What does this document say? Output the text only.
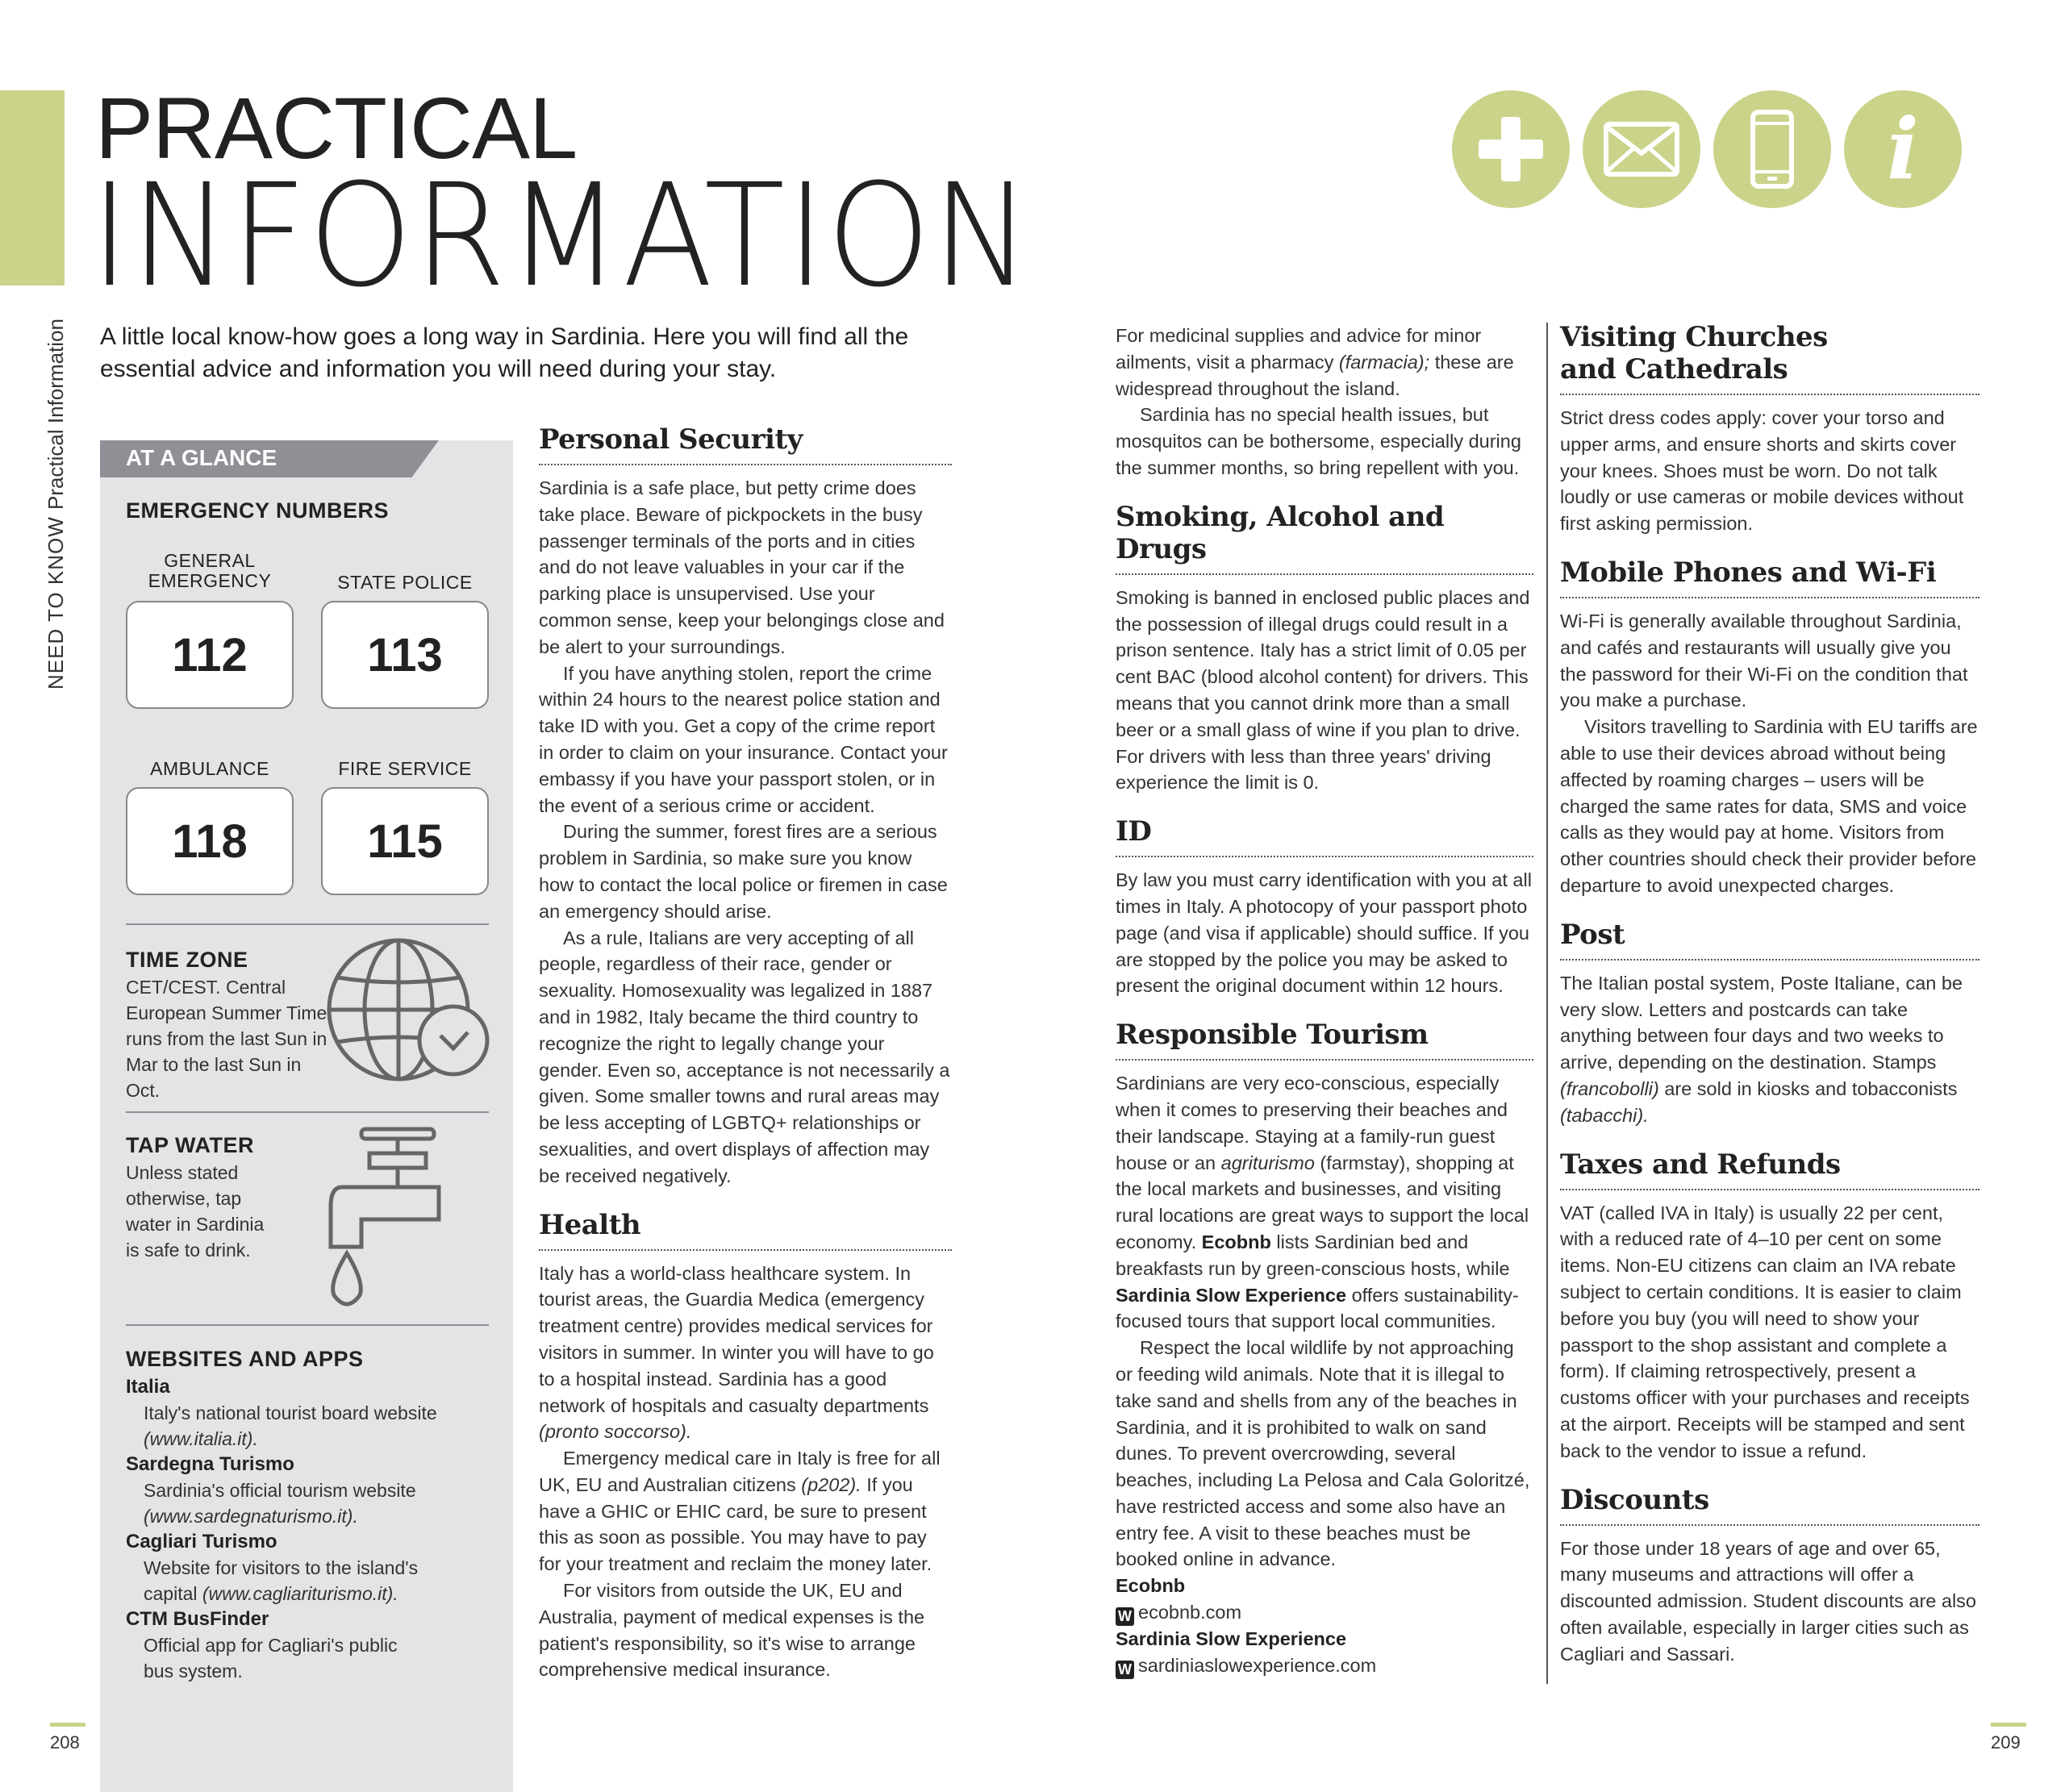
NEED TO KNOW Practical Information
PRACTICAL
INFORMATION
i
A little local know-how goes a long way in Sardinia. Here you will find all the essential advice and information you will need during your stay.
AT A GLANCE
EMERGENCY NUMBERS
GENERAL EMERGENCY	STATE POLICE
112	113
AMBULANCE	FIRE SERVICE
118	115
TIME ZONE
CET/CEST. Central European Summer Time runs from the last Sun in Mar to the last Sun in Oct.
TAP WATER
Unless stated otherwise, tap water in Sardinia is safe to drink.
WEBSITES AND APPS
Italia
Italy's national tourist board website
(www.italia.it).
Sardegna Turismo
Sardinia's official tourism website
(www.sardegnaturismo.it).
Cagliari Turismo
Website for visitors to the island's
capital (www.cagliariturismo.it).
CTM BusFinder
Official app for Cagliari's public
bus system.
Personal Security

Sardinia is a safe place, but petty crime does take place. Beware of pickpockets in the busy passenger terminals of the ports and in cities and do not leave valuables in your car if the parking place is unsupervised. Use your common sense, keep your belongings close and be alert to your surroundings.

If you have anything stolen, report the crime within 24 hours to the nearest police station and take ID with you. Get a copy of the crime report in order to claim on your insurance. Contact your embassy if you have your passport stolen, or in the event of a serious crime or accident.

During the summer, forest fires are a serious problem in Sardinia, so make sure you know how to contact the local police or firemen in case an emergency should arise.

As a rule, Italians are very accepting of all people, regardless of their race, gender or sexuality. Homosexuality was legalized in 1887 and in 1982, Italy became the third country to recognize the right to legally change your gender. Even so, acceptance is not necessarily a given. Some smaller towns and rural areas may be less accepting of LGBTQ+ relationships or sexualities, and overt displays of affection may be received negatively.

Health

Italy has a world-class healthcare system. In tourist areas, the Guardia Medica (emergency treatment centre) provides medical services for visitors in summer. In winter you will have to go to a hospital instead. Sardinia has a good network of hospitals and casualty departments (pronto soccorso).

Emergency medical care in Italy is free for all UK, EU and Australian citizens (p202). If you have a GHIC or EHIC card, be sure to present this as soon as possible. You may have to pay for your treatment and reclaim the money later.

For visitors from outside the UK, EU and Australia, payment of medical expenses is the patient's responsibility, so it's wise to arrange comprehensive medical insurance.

For medicinal supplies and advice for minor ailments, visit a pharmacy (farmacia); these are widespread throughout the island.

Sardinia has no special health issues, but mosquitos can be bothersome, especially during the summer months, so bring repellent with you.

Smoking, Alcohol and Drugs

Smoking is banned in enclosed public places and the possession of illegal drugs could result in a prison sentence. Italy has a strict limit of 0.05 per cent BAC (blood alcohol content) for drivers. This means that you cannot drink more than a small beer or a small glass of wine if you plan to drive. For drivers with less than three years' driving experience the limit is 0.

ID

By law you must carry identification with you at all times in Italy. A photocopy of your passport photo page (and visa if applicable) should suffice. If you are stopped by the police you may be asked to present the original document within 12 hours.

Responsible Tourism

Sardinians are very eco-conscious, especially when it comes to preserving their beaches and their landscape. Staying at a family-run guest house or an agriturismo (farmstay), shopping at the local markets and businesses, and visiting rural locations are great ways to support the local economy. Ecobnb lists Sardinian bed and breakfasts run by green-conscious hosts, while Sardinia Slow Experience offers sustainability-focused tours that support local communities.

Respect the local wildlife by not approaching or feeding wild animals. Note that it is illegal to take sand and shells from any of the beaches in Sardinia, and it is prohibited to walk on sand dunes. To prevent overcrowding, several beaches, including La Pelosa and Cala Goloritzé, have restricted access and some also have an entry fee. A visit to these beaches must be booked online in advance.

Ecobnb
W ecobnb.com
Sardinia Slow Experience
W sardiniaslowexperience.com
Visiting Churches
and Cathedrals

Strict dress codes apply: cover your torso and upper arms, and ensure shorts and skirts cover your knees. Shoes must be worn. Do not talk loudly or use cameras or mobile devices without first asking permission.

Mobile Phones and Wi-Fi

Wi-Fi is generally available throughout Sardinia, and cafés and restaurants will usually give you the password for their Wi-Fi on the condition that you make a purchase.

Visitors travelling to Sardinia with EU tariffs are able to use their devices abroad without being affected by roaming charges – users will be charged the same rates for data, SMS and voice calls as they would pay at home. Visitors from other countries should check their provider before departure to avoid unexpected charges.

Post

The Italian postal system, Poste Italiane, can be very slow. Letters and postcards can take anything between four days and two weeks to arrive, depending on the destination. Stamps (francobolli) are sold in kiosks and tobacconists (tabacchi).

Taxes and Refunds

VAT (called IVA in Italy) is usually 22 per cent, with a reduced rate of 4–10 per cent on some items. Non-EU citizens can claim an IVA rebate subject to certain conditions. It is easier to claim before you buy (you will need to show your passport to the shop assistant and complete a form). If claiming retrospectively, present a customs officer with your purchases and receipts at the airport. Receipts will be stamped and sent back to the vendor to issue a refund.

Discounts

For those under 18 years of age and over 65, many museums and attractions will offer a discounted admission. Student discounts are also often available, especially in larger cities such as Cagliari and Sassari.

208	209
